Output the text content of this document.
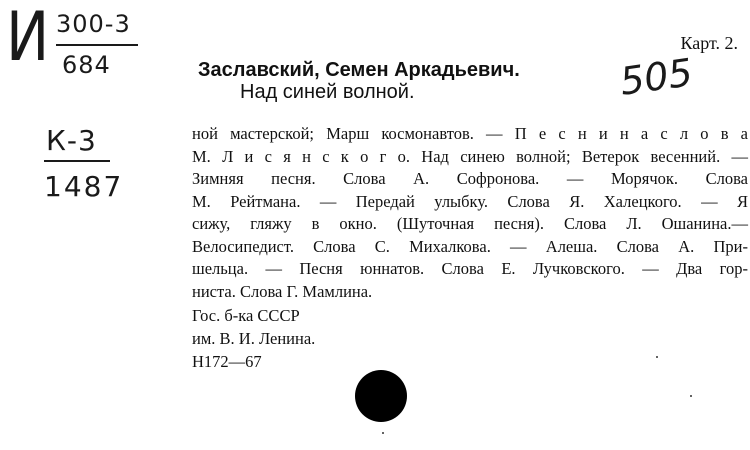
И 300-3
684
К-3
1487
505
Карт. 2.
Заславский, Семен Аркадьевич.
Над синей волной.
ной мастерской; Марш космонавтов. — П е с н и н а с л о в а
М. Л и с я н с к о г о. Над синею волной; Ветерок весенний. —
Зимняя песня. Слова А. Софронова. — Морячок. Слова
М. Рейтмана. — Передай улыбку. Слова Я. Халецкого. — Я
сижу, гляжу в окно. (Шуточная песня). Слова Л. Ошанина.—
Велосипедист. Слова С. Михалкова. — Алеша. Слова А. При-
шельца. — Песня юннатов. Слова Е. Лучковского. — Два гор-
ниста. Слова Г. Мамлина.
Гос. б-ка СССР
им. В. И. Ленина.
Н172—67
